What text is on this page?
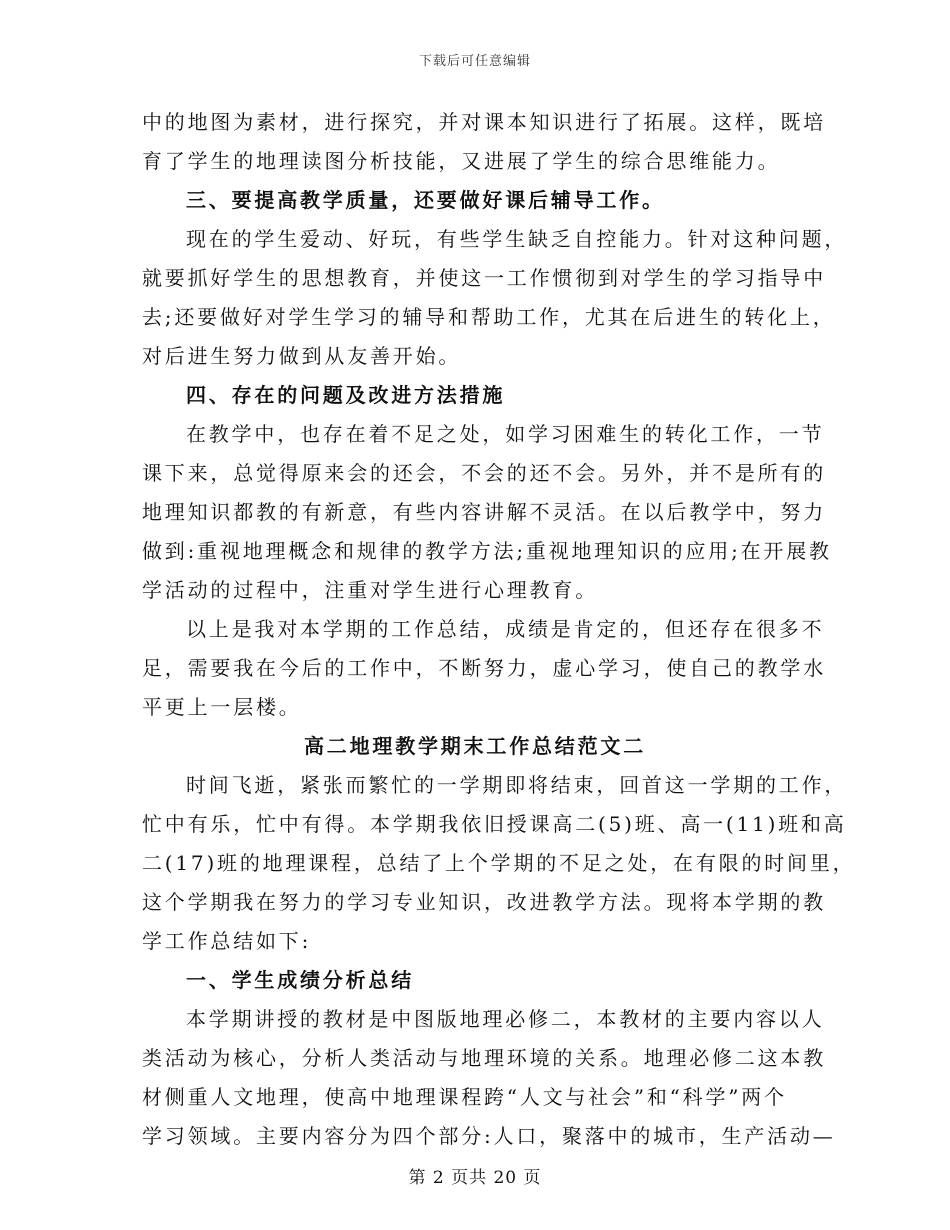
下载后可任意编辑
中的地图为素材，进行探究，并对课本知识进行了拓展。这样，既培
育了学生的地理读图分析技能，又进展了学生的综合思维能力。
三、要提高教学质量，还要做好课后辅导工作。
现在的学生爱动、好玩，有些学生缺乏自控能力。针对这种问题，
就要抓好学生的思想教育，并使这一工作惯彻到对学生的学习指导中
去;还要做好对学生学习的辅导和帮助工作，尤其在后进生的转化上，
对后进生努力做到从友善开始。
四、存在的问题及改进方法措施
在教学中，也存在着不足之处，如学习困难生的转化工作，一节
课下来，总觉得原来会的还会，不会的还不会。另外，并不是所有的
地理知识都教的有新意，有些内容讲解不灵活。在以后教学中，努力
做到:重视地理概念和规律的教学方法;重视地理知识的应用;在开展教
学活动的过程中，注重对学生进行心理教育。
以上是我对本学期的工作总结，成绩是肯定的，但还存在很多不
足，需要我在今后的工作中，不断努力，虚心学习，使自己的教学水
平更上一层楼。
高二地理教学期末工作总结范文二
时间飞逝，紧张而繁忙的一学期即将结束，回首这一学期的工作，
忙中有乐，忙中有得。本学期我依旧授课高二(5)班、高一(11)班和高
二(17)班的地理课程，总结了上个学期的不足之处，在有限的时间里，
这个学期我在努力的学习专业知识，改进教学方法。现将本学期的教
学工作总结如下:
一、学生成绩分析总结
本学期讲授的教材是中图版地理必修二，本教材的主要内容以人
类活动为核心，分析人类活动与地理环境的关系。地理必修二这本教
材侧重人文地理，使高中地理课程跨“人文与社会”和“科学”两个
学习领域。主要内容分为四个部分:人口，聚落中的城市，生产活动—
第 2 页共 20 页
